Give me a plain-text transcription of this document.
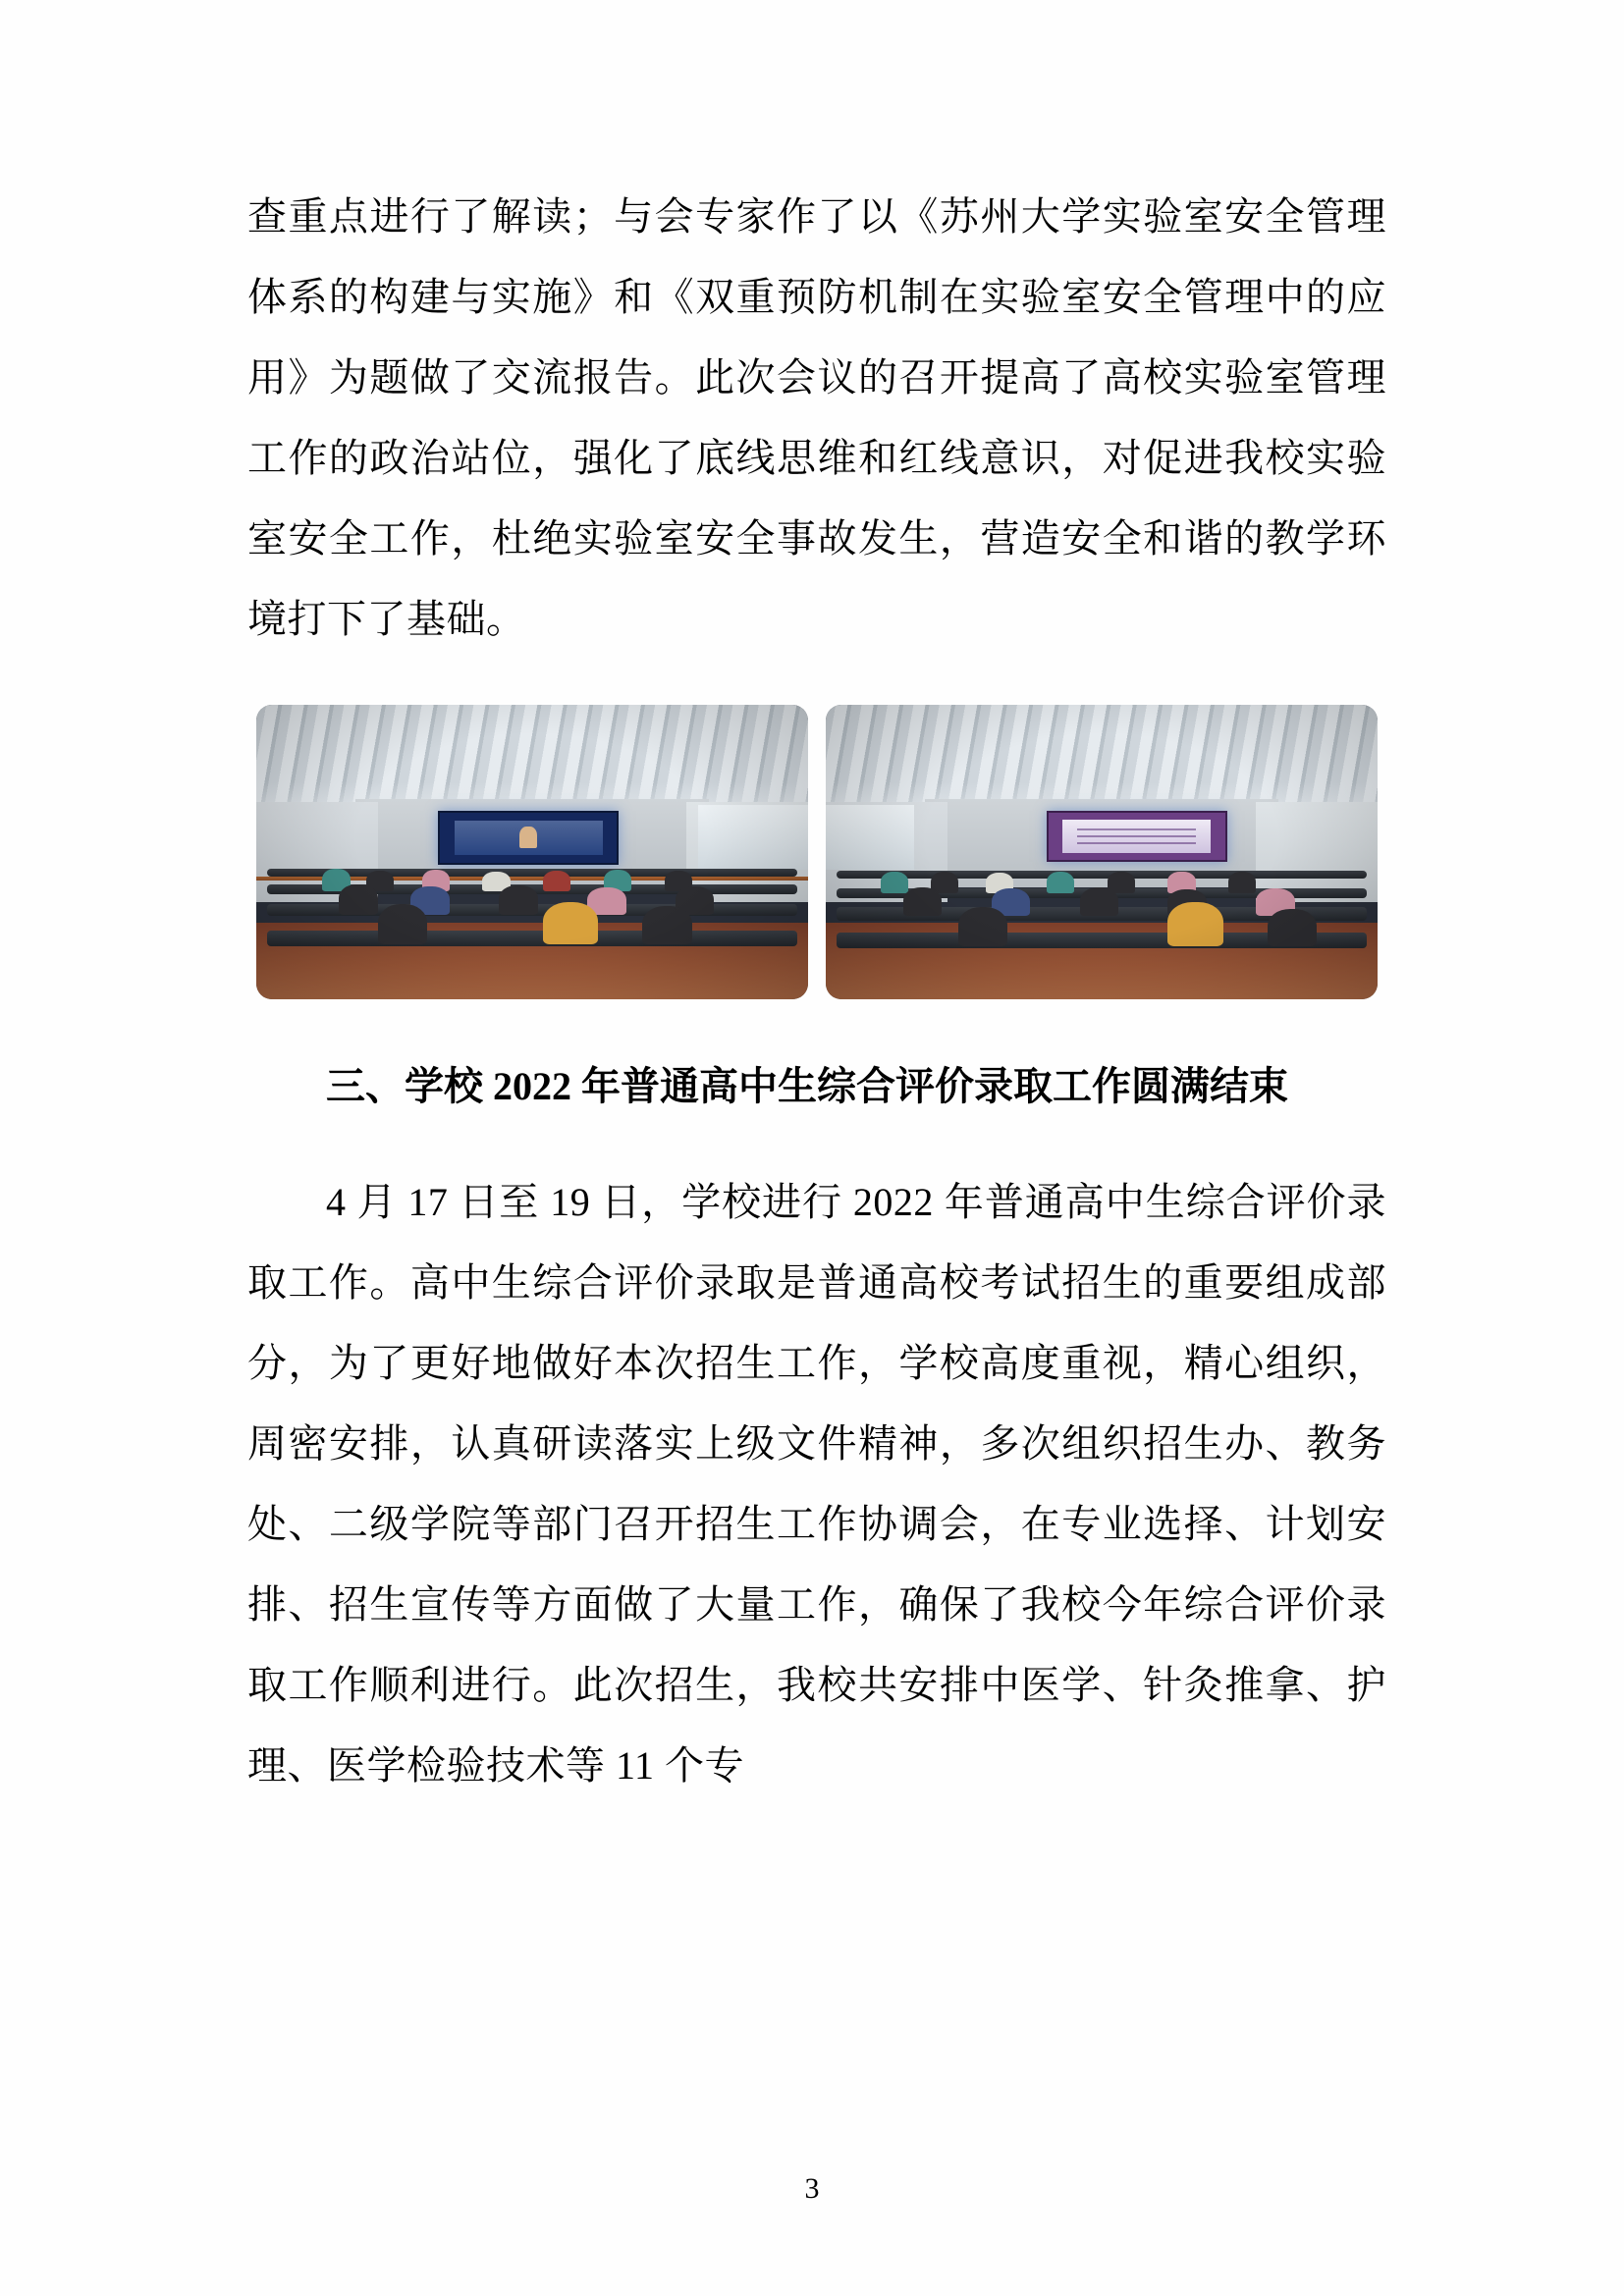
查重点进行了解读；与会专家作了以《苏州大学实验室安全管理体系的构建与实施》和《双重预防机制在实验室安全管理中的应用》为题做了交流报告。此次会议的召开提高了高校实验室管理工作的政治站位，强化了底线思维和红线意识，对促进我校实验室安全工作，杜绝实验室安全事故发生，营造安全和谐的教学环境打下了基础。

三、学校 2022 年普通高中生综合评价录取工作圆满结束

4 月 17 日至 19 日，学校进行 2022 年普通高中生综合评价录取工作。高中生综合评价录取是普通高校考试招生的重要组成部分，为了更好地做好本次招生工作，学校高度重视，精心组织，周密安排，认真研读落实上级文件精神，多次组织招生办、教务处、二级学院等部门召开招生工作协调会，在专业选择、计划安排、招生宣传等方面做了大量工作，确保了我校今年综合评价录取工作顺利进行。此次招生，我校共安排中医学、针灸推拿、护理、医学检验技术等 11 个专

3
